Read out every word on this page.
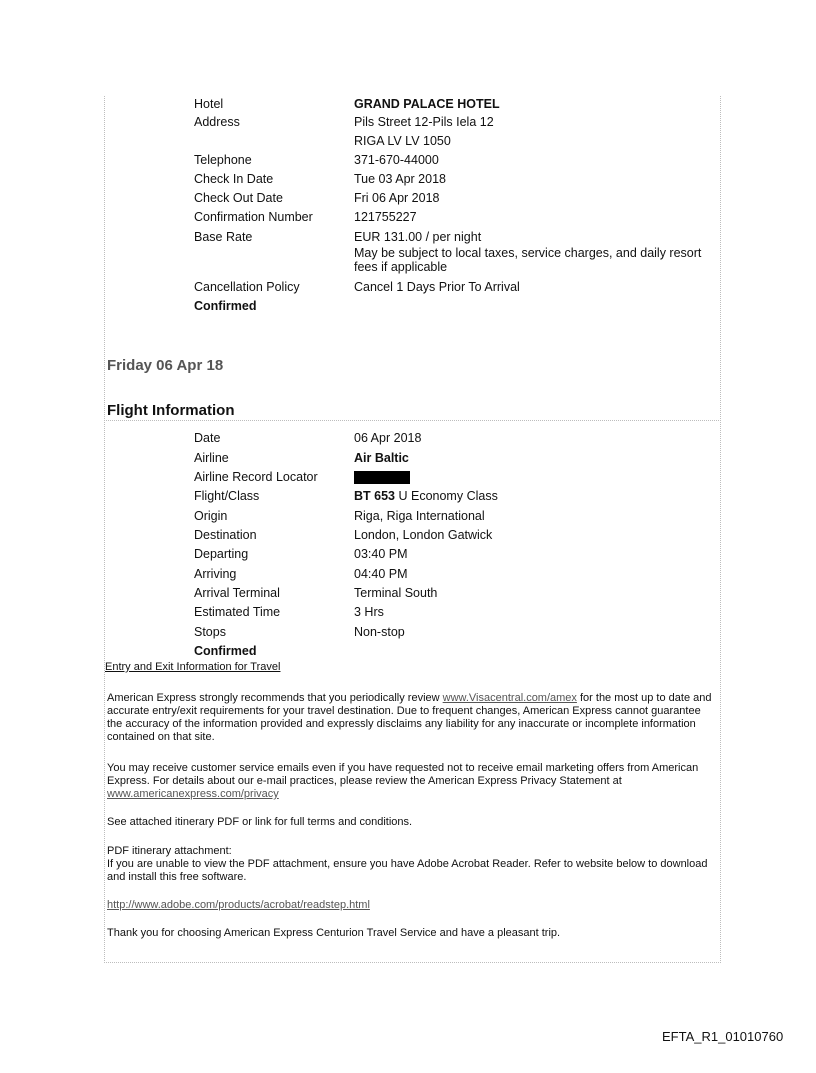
Hotel	GRAND PALACE HOTEL
Address	Pils Street 12-Pils Iela 12
RIGA LV LV 1050
Telephone	371-670-44000
Check In Date	Tue 03 Apr 2018
Check Out Date	Fri 06 Apr 2018
Confirmation Number	121755227
Base Rate	EUR 131.00 / per night
May be subject to local taxes, service charges, and daily resort fees if applicable
Cancellation Policy	Cancel 1 Days Prior To Arrival
Confirmed
Friday 06 Apr 18
Flight Information
Date	06 Apr 2018
Airline	Air Baltic
Airline Record Locator
Flight/Class	BT 653 U Economy Class
Origin	Riga, Riga International
Destination	London, London Gatwick
Departing	03:40 PM
Arriving	04:40 PM
Arrival Terminal	Terminal South
Estimated Time	3 Hrs
Stops	Non-stop
Confirmed
Entry and Exit Information for Travel
American Express strongly recommends that you periodically review www.Visacentral.com/amex for the most up to date and accurate entry/exit requirements for your travel destination. Due to frequent changes, American Express cannot guarantee the accuracy of the information provided and expressly disclaims any liability for any inaccurate or incomplete information contained on that site.
You may receive customer service emails even if you have requested not to receive email marketing offers from American Express. For details about our e-mail practices, please review the American Express Privacy Statement at www.americanexpress.com/privacy
See attached itinerary PDF or link for full terms and conditions.
PDF itinerary attachment:
If you are unable to view the PDF attachment, ensure you have Adobe Acrobat Reader. Refer to website below to download and install this free software.
http://www.adobe.com/products/acrobat/readstep.html
Thank you for choosing American Express Centurion Travel Service and have a pleasant trip.
EFTA_R1_01010760
